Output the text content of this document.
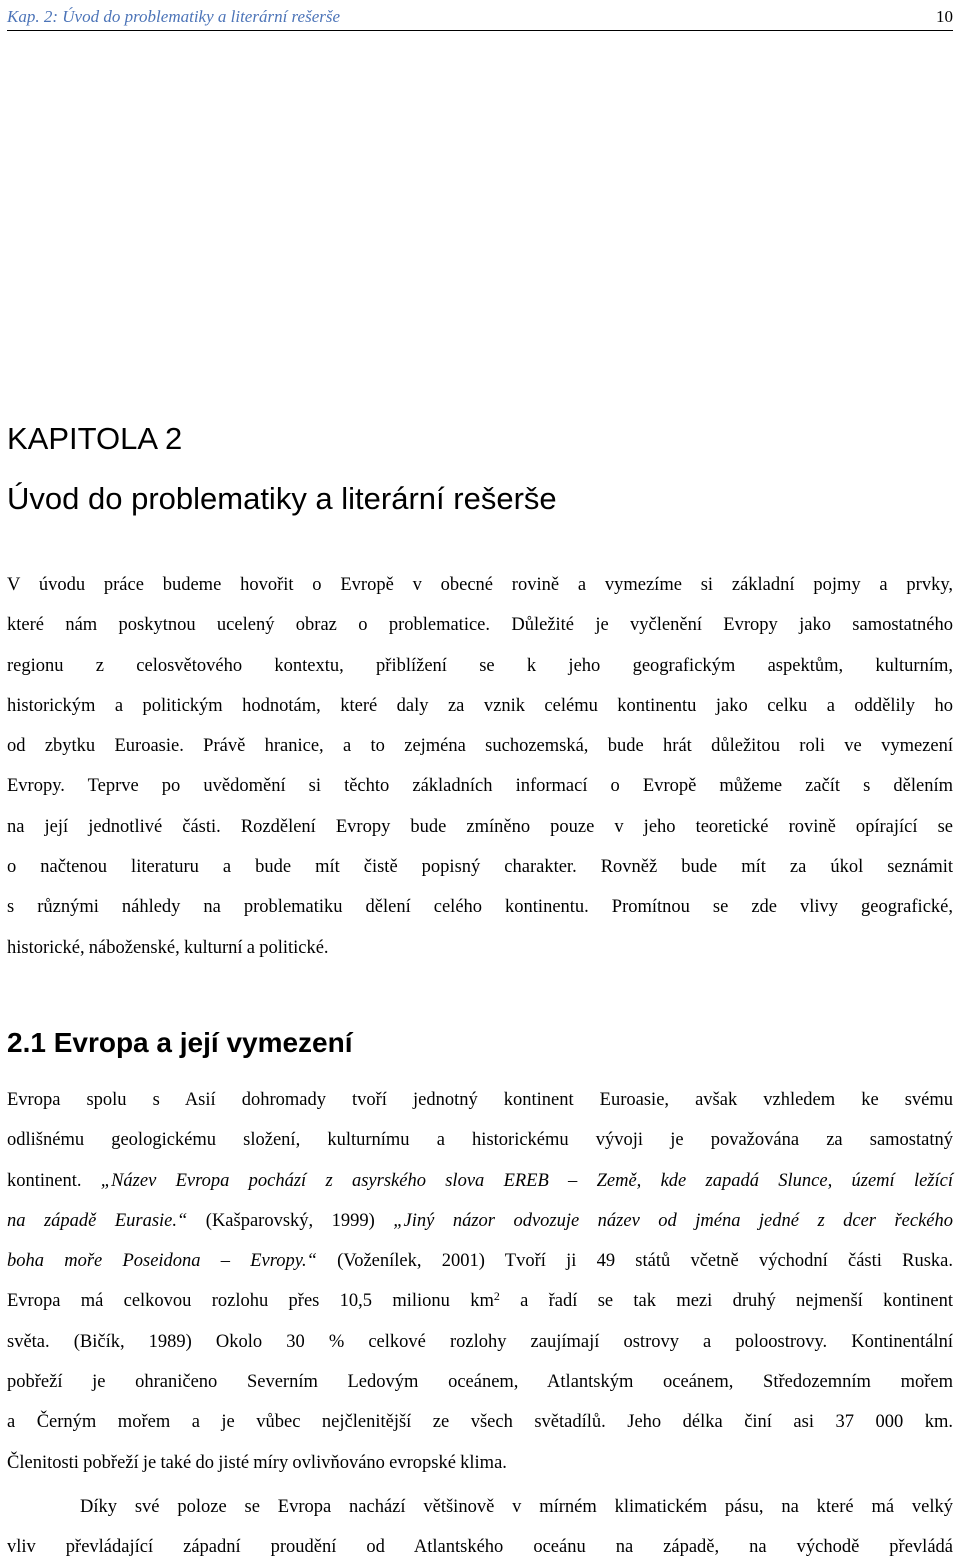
Kap. 2: Úvod do problematiky a literární rešerše	10
KAPITOLA 2
Úvod do problematiky a literární rešerše

V úvodu práce budeme hovořit o Evropě v obecné rovině a vymezíme si základní pojmy a prvky,
které nám poskytnou ucelený obraz o problematice. Důležité je vyčlenění Evropy jako samostatného
regionu z celosvětového kontextu, přiblížení se k jeho geografickým aspektům, kulturním,
historickým a politickým hodnotám, které daly za vznik celému kontinentu jako celku a oddělily ho
od zbytku Euroasie. Právě hranice, a to zejména suchozemská, bude hrát důležitou roli ve vymezení
Evropy. Teprve po uvědomění si těchto základních informací o Evropě můžeme začít s dělením
na její jednotlivé části. Rozdělení Evropy bude zmíněno pouze v jeho teoretické rovině opírající se
o načtenou literaturu a bude mít čistě popisný charakter. Rovněž bude mít za úkol seznámit
s různými náhledy na problematiku dělení celého kontinentu. Promítnou se zde vlivy geografické,
historické, náboženské, kulturní a politické.

2.1 Evropa a její vymezení

Evropa spolu s Asií dohromady tvoří jednotný kontinent Euroasie, avšak vzhledem ke svému
odlišnému geologickému složení, kulturnímu a historickému vývoji je považována za samostatný
kontinent. „Název Evropa pochází z asyrského slova EREB – Země, kde zapadá Slunce, území ležící
na západě Eurasie.“ (Kašparovský, 1999) „Jiný názor odvozuje název od jména jedné z dcer řeckého
boha moře Poseidona – Evropy.“ (Voženílek, 2001) Tvoří ji 49 států včetně východní části Ruska.
Evropa má celkovou rozlohu přes 10,5 milionu $km^2$ a řadí se tak mezi druhý nejmenší kontinent
světa. (Bičík, 1989) Okolo 30 % celkové rozlohy zaujímají ostrovy a poloostrovy. Kontinentální
pobřeží je ohraničeno Severním Ledovým oceánem, Atlantským oceánem, Středozemním mořem
a Černým mořem a je vůbec nejčlenitější ze všech světadílů. Jeho délka činí asi 37 000 km.
Členitosti pobřeží je také do jisté míry ovlivňováno evropské klima.

Díky své poloze se Evropa nachází většinově v mírném klimatickém pásu, na které má velký
vliv převládající západní proudění od Atlantského oceánu na západě, na východě převládá
